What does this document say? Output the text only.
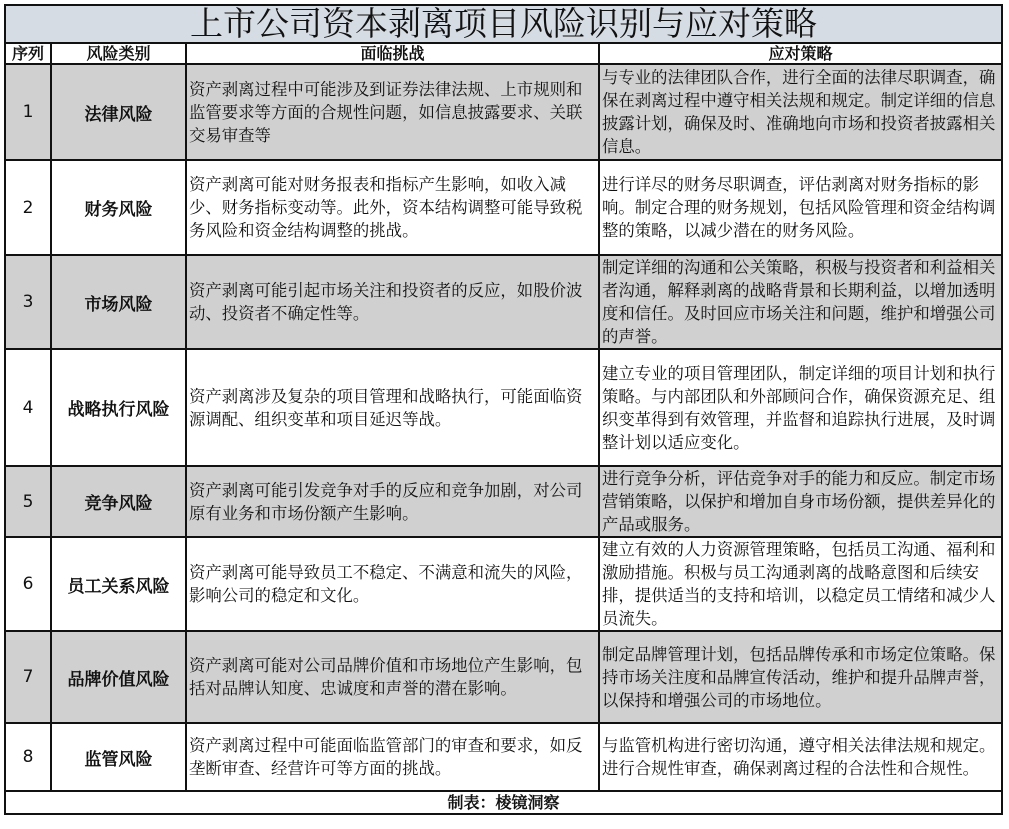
上市公司资本剥离项目风险识别与应对策略			
序列	风险类别	面临挑战	应对策略
1	法律风险	资产剥离过程中可能涉及到证券法律法规、上市规则和监管要求等方面的合规性问题，如信息披露要求、关联交易审查等	与专业的法律团队合作，进行全面的法律尽职调查，确保在剥离过程中遵守相关法规和规定。制定详细的信息披露计划，确保及时、准确地向市场和投资者披露相关信息。
2	财务风险	资产剥离可能对财务报表和指标产生影响，如收入减少、财务指标变动等。此外，资本结构调整可能导致税务风险和资金结构调整的挑战。	进行详尽的财务尽职调查，评估剥离对财务指标的影响。制定合理的财务规划，包括风险管理和资金结构调整的策略，以减少潜在的财务风险。
3	市场风险	资产剥离可能引起市场关注和投资者的反应，如股价波动、投资者不确定性等。	制定详细的沟通和公关策略，积极与投资者和利益相关者沟通，解释剥离的战略背景和长期利益，以增加透明度和信任。及时回应市场关注和问题，维护和增强公司的声誉。
4	战略执行风险	资产剥离涉及复杂的项目管理和战略执行，可能面临资源调配、组织变革和项目延迟等战。	建立专业的项目管理团队，制定详细的项目计划和执行策略。与内部团队和外部顾问合作，确保资源充足、组织变革得到有效管理，并监督和追踪执行进展，及时调整计划以适应变化。
5	竞争风险	资产剥离可能引发竞争对手的反应和竞争加剧，对公司原有业务和市场份额产生影响。	进行竞争分析，评估竞争对手的能力和反应。制定市场营销策略，以保护和增加自身市场份额，提供差异化的产品或服务。
6	员工关系风险	资产剥离可能导致员工不稳定、不满意和流失的风险，影响公司的稳定和文化。	建立有效的人力资源管理策略，包括员工沟通、福利和激励措施。积极与员工沟通剥离的战略意图和后续安排，提供适当的支持和培训，以稳定员工情绪和减少人员流失。
7	品牌价值风险	资产剥离可能对公司品牌价值和市场地位产生影响，包括对品牌认知度、忠诚度和声誉的潜在影响。	制定品牌管理计划，包括品牌传承和市场定位策略。保持市场关注度和品牌宣传活动，维护和提升品牌声誉，以保持和增强公司的市场地位。
8	监管风险	资产剥离过程中可能面临监管部门的审查和要求，如反垄断审查、经营许可等方面的挑战。	与监管机构进行密切沟通，遵守相关法律法规和规定。进行合规性审查，确保剥离过程的合法性和合规性。
制表：棱镜洞察			
